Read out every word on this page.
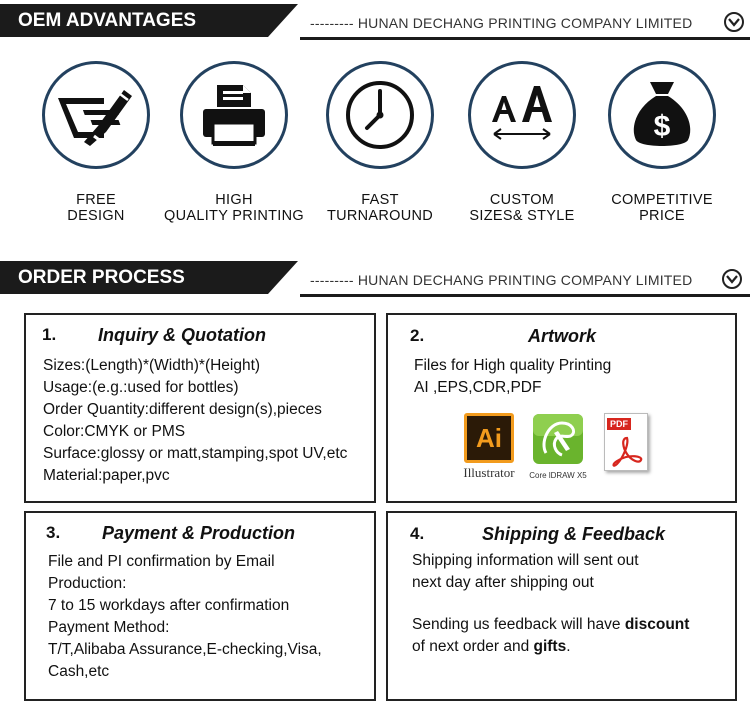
OEM ADVANTAGES	--------- HUNAN DECHANG PRINTING COMPANY LIMITED
FREE
DESIGN
HIGH
QUALITY PRINTING
FAST
TURNAROUND
CUSTOM
SIZES& STYLE
$
COMPETITIVE
PRICE
ORDER PROCESS	--------- HUNAN DECHANG PRINTING COMPANY LIMITED
1. Inquiry & Quotation
Sizes:(Length)*(Width)*(Height)
Usage:(e.g.:used for bottles)
Order Quantity:different design(s),pieces
Color:CMYK or PMS
Surface:glossy or matt,stamping,spot UV,etc
Material:paper,pvc
2.	Artwork
Files for High quality Printing
AI ,EPS,CDR,PDF
Ai
Illustrator	Core lDRAW X5
PDF
3. Payment & Production
File and PI confirmation by Email
Production:
7 to 15 workdays after confirmation
Payment Method:
T/T,Alibaba Assurance,E-checking,Visa,
Cash,etc
4.	Shipping & Feedback
Shipping information will sent out
next day after shipping out
Sending us feedback will have discount
of next order and gifts.
